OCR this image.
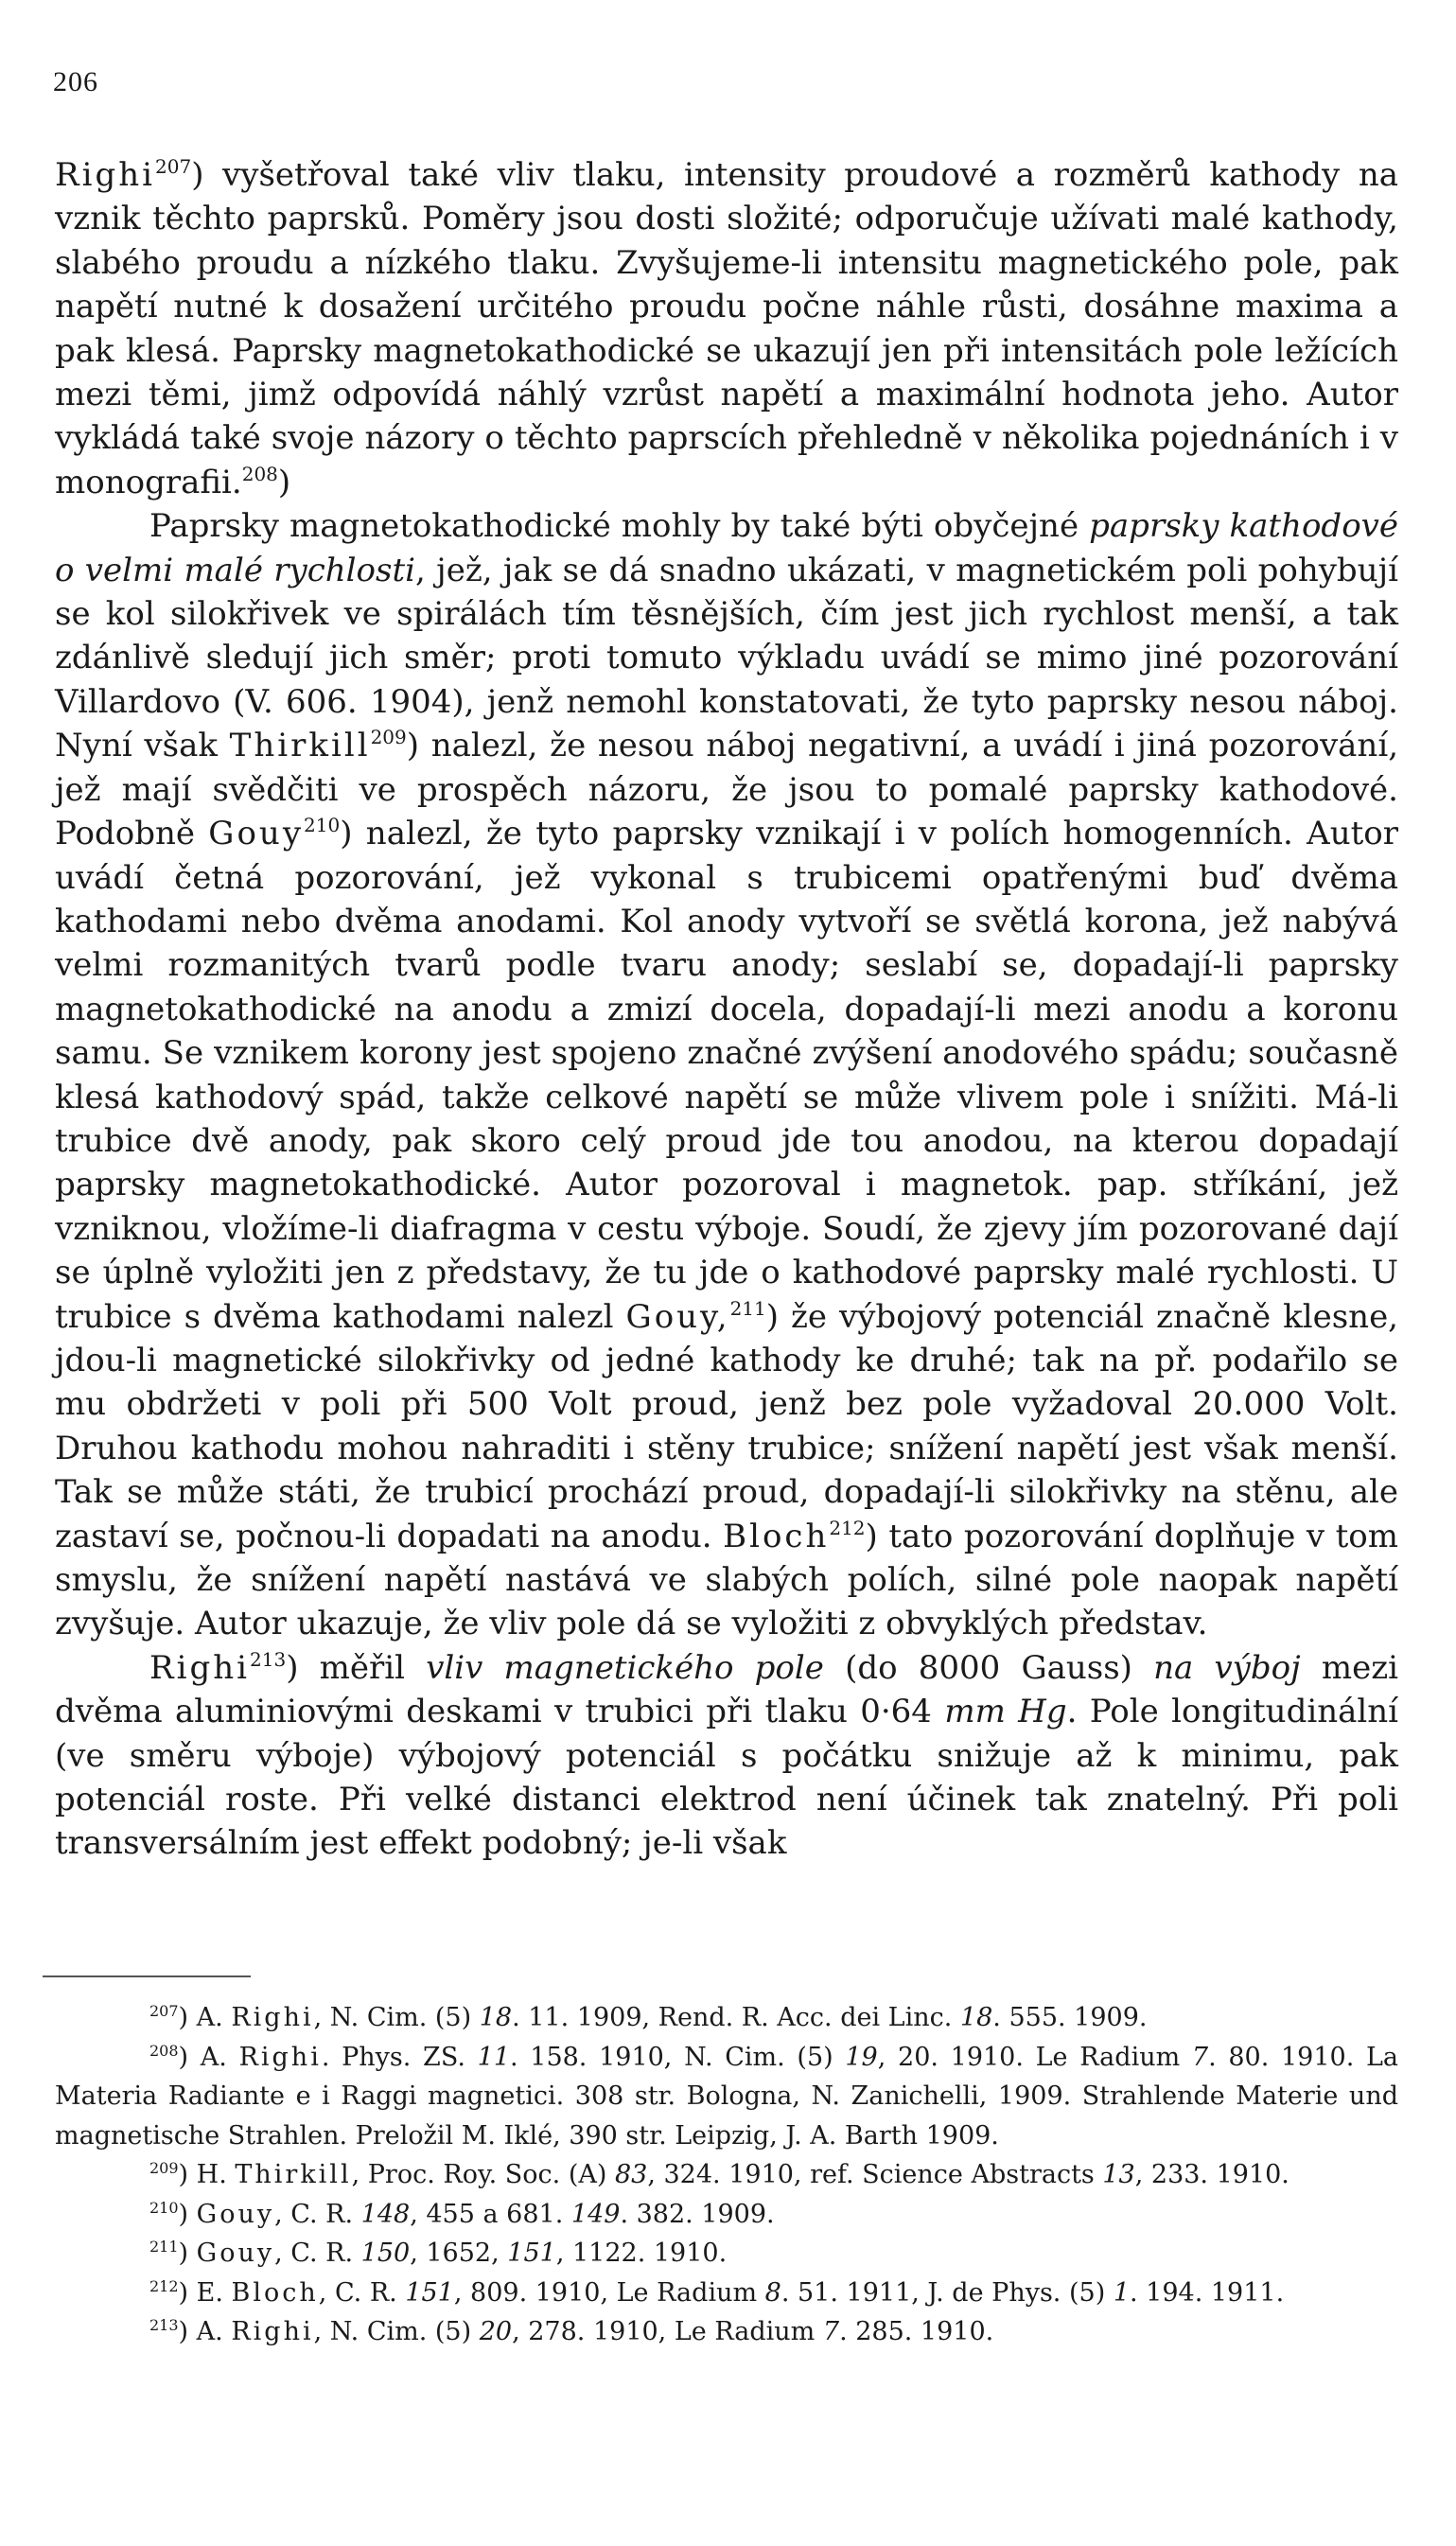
206

Righi$^{207}$) vyšetřoval také vliv tlaku, intensity proudové a rozměrů kathody na vznik těchto paprsků. Poměry jsou dosti složité; odporučuje užívati malé kathody, slabého proudu a nízkého tlaku. Zvyšujeme-li intensitu magnetického pole, pak napětí nutné k dosažení určitého proudu počne náhle růsti, dosáhne maxima a pak klesá. Paprsky magnetokathodické se ukazují jen při intensitách pole ležících mezi těmi, jimž odpovídá náhlý vzrůst napětí a maximální hodnota jeho. Autor vykládá také svoje názory o těchto paprscích přehledně v několika pojednáních i v monografii.$^{208}$)

Paprsky magnetokathodické mohly by také býti obyčejné paprsky kathodové o velmi malé rychlosti, jež, jak se dá snadno ukázati, v magnetickém poli pohybují se kol silokřivek ve spirálách tím těsnějších, čím jest jich rychlost menší, a tak zdánlivě sledují jich směr; proti tomuto výkladu uvádí se mimo jiné pozorování Villardovo (V. 606. 1904), jenž nemohl konstatovati, že tyto paprsky nesou náboj. Nyní však Thirkill$^{209}$) nalezl, že nesou náboj negativní, a uvádí i jiná pozorování, jež mají svědčiti ve prospěch názoru, že jsou to pomalé paprsky kathodové. Podobně Gouy$^{210}$) nalezl, že tyto paprsky vznikají i v polích homogenních. Autor uvádí četná pozorování, jež vykonal s trubicemi opatřenými buď dvěma kathodami nebo dvěma anodami. Kol anody vytvoří se světlá korona, jež nabývá velmi rozmanitých tvarů podle tvaru anody; seslabí se, dopadají-li paprsky magnetokathodické na anodu a zmizí docela, dopadají-li mezi anodu a koronu samu. Se vznikem korony jest spojeno značné zvýšení anodového spádu; současně klesá kathodový spád, takže celkové napětí se může vlivem pole i snížiti. Má-li trubice dvě anody, pak skoro celý proud jde tou anodou, na kterou dopadají paprsky magnetokathodické. Autor pozoroval i magnetok. pap. stříkání, jež vzniknou, vložíme-li diafragma v cestu výboje. Soudí, že zjevy jím pozorované dají se úplně vyložiti jen z představy, že tu jde o kathodové paprsky malé rychlosti. U trubice s dvěma kathodami nalezl Gouy,$^{211}$) že výbojový potenciál značně klesne, jdou-li magnetické silokřivky od jedné kathody ke druhé; tak na př. podařilo se mu obdržeti v poli při 500 Volt proud, jenž bez pole vyžadoval 20.000 Volt. Druhou kathodu mohou nahraditi i stěny trubice; snížení napětí jest však menší. Tak se může státi, že trubicí prochází proud, dopadají-li silokřivky na stěnu, ale zastaví se, počnou-li dopadati na anodu. Bloch$^{212}$) tato pozorování doplňuje v tom smyslu, že snížení napětí nastává ve slabých polích, silné pole naopak napětí zvyšuje. Autor ukazuje, že vliv pole dá se vyložiti z obvyklých představ.

Righi$^{213}$) měřil vliv magnetického pole (do 8000 Gauss) na výboj mezi dvěma aluminiovými deskami v trubici při tlaku 0·64 mm Hg. Pole longitudinální (ve směru výboje) výbojový potenciál s počátku snižuje až k minimu, pak potenciál roste. Při velké distanci elektrod není účinek tak znatelný. Při poli transversálním jest effekt podobný; je-li však

$^{207}$) A. Righi, N. Cim. (5) 18. 11. 1909, Rend. R. Acc. dei Linc. 18. 555. 1909.

$^{208}$) A. Righi. Phys. ZS. 11. 158. 1910, N. Cim. (5) 19, 20. 1910. Le Radium 7. 80. 1910. La Materia Radiante e i Raggi magnetici. 308 str. Bologna, N. Zanichelli, 1909. Strahlende Materie und magnetische Strahlen. Preložil M. Iklé, 390 str. Leipzig, J. A. Barth 1909.

$^{209}$) H. Thirkill, Proc. Roy. Soc. (A) 83, 324. 1910, ref. Science Abstracts 13, 233. 1910.

$^{210}$) Gouy, C. R. 148, 455 a 681. 149. 382. 1909.

$^{211}$) Gouy, C. R. 150, 1652, 151, 1122. 1910.

$^{212}$) E. Bloch, C. R. 151, 809. 1910, Le Radium 8. 51. 1911, J. de Phys. (5) 1. 194. 1911.

$^{213}$) A. Righi, N. Cim. (5) 20, 278. 1910, Le Radium 7. 285. 1910.
